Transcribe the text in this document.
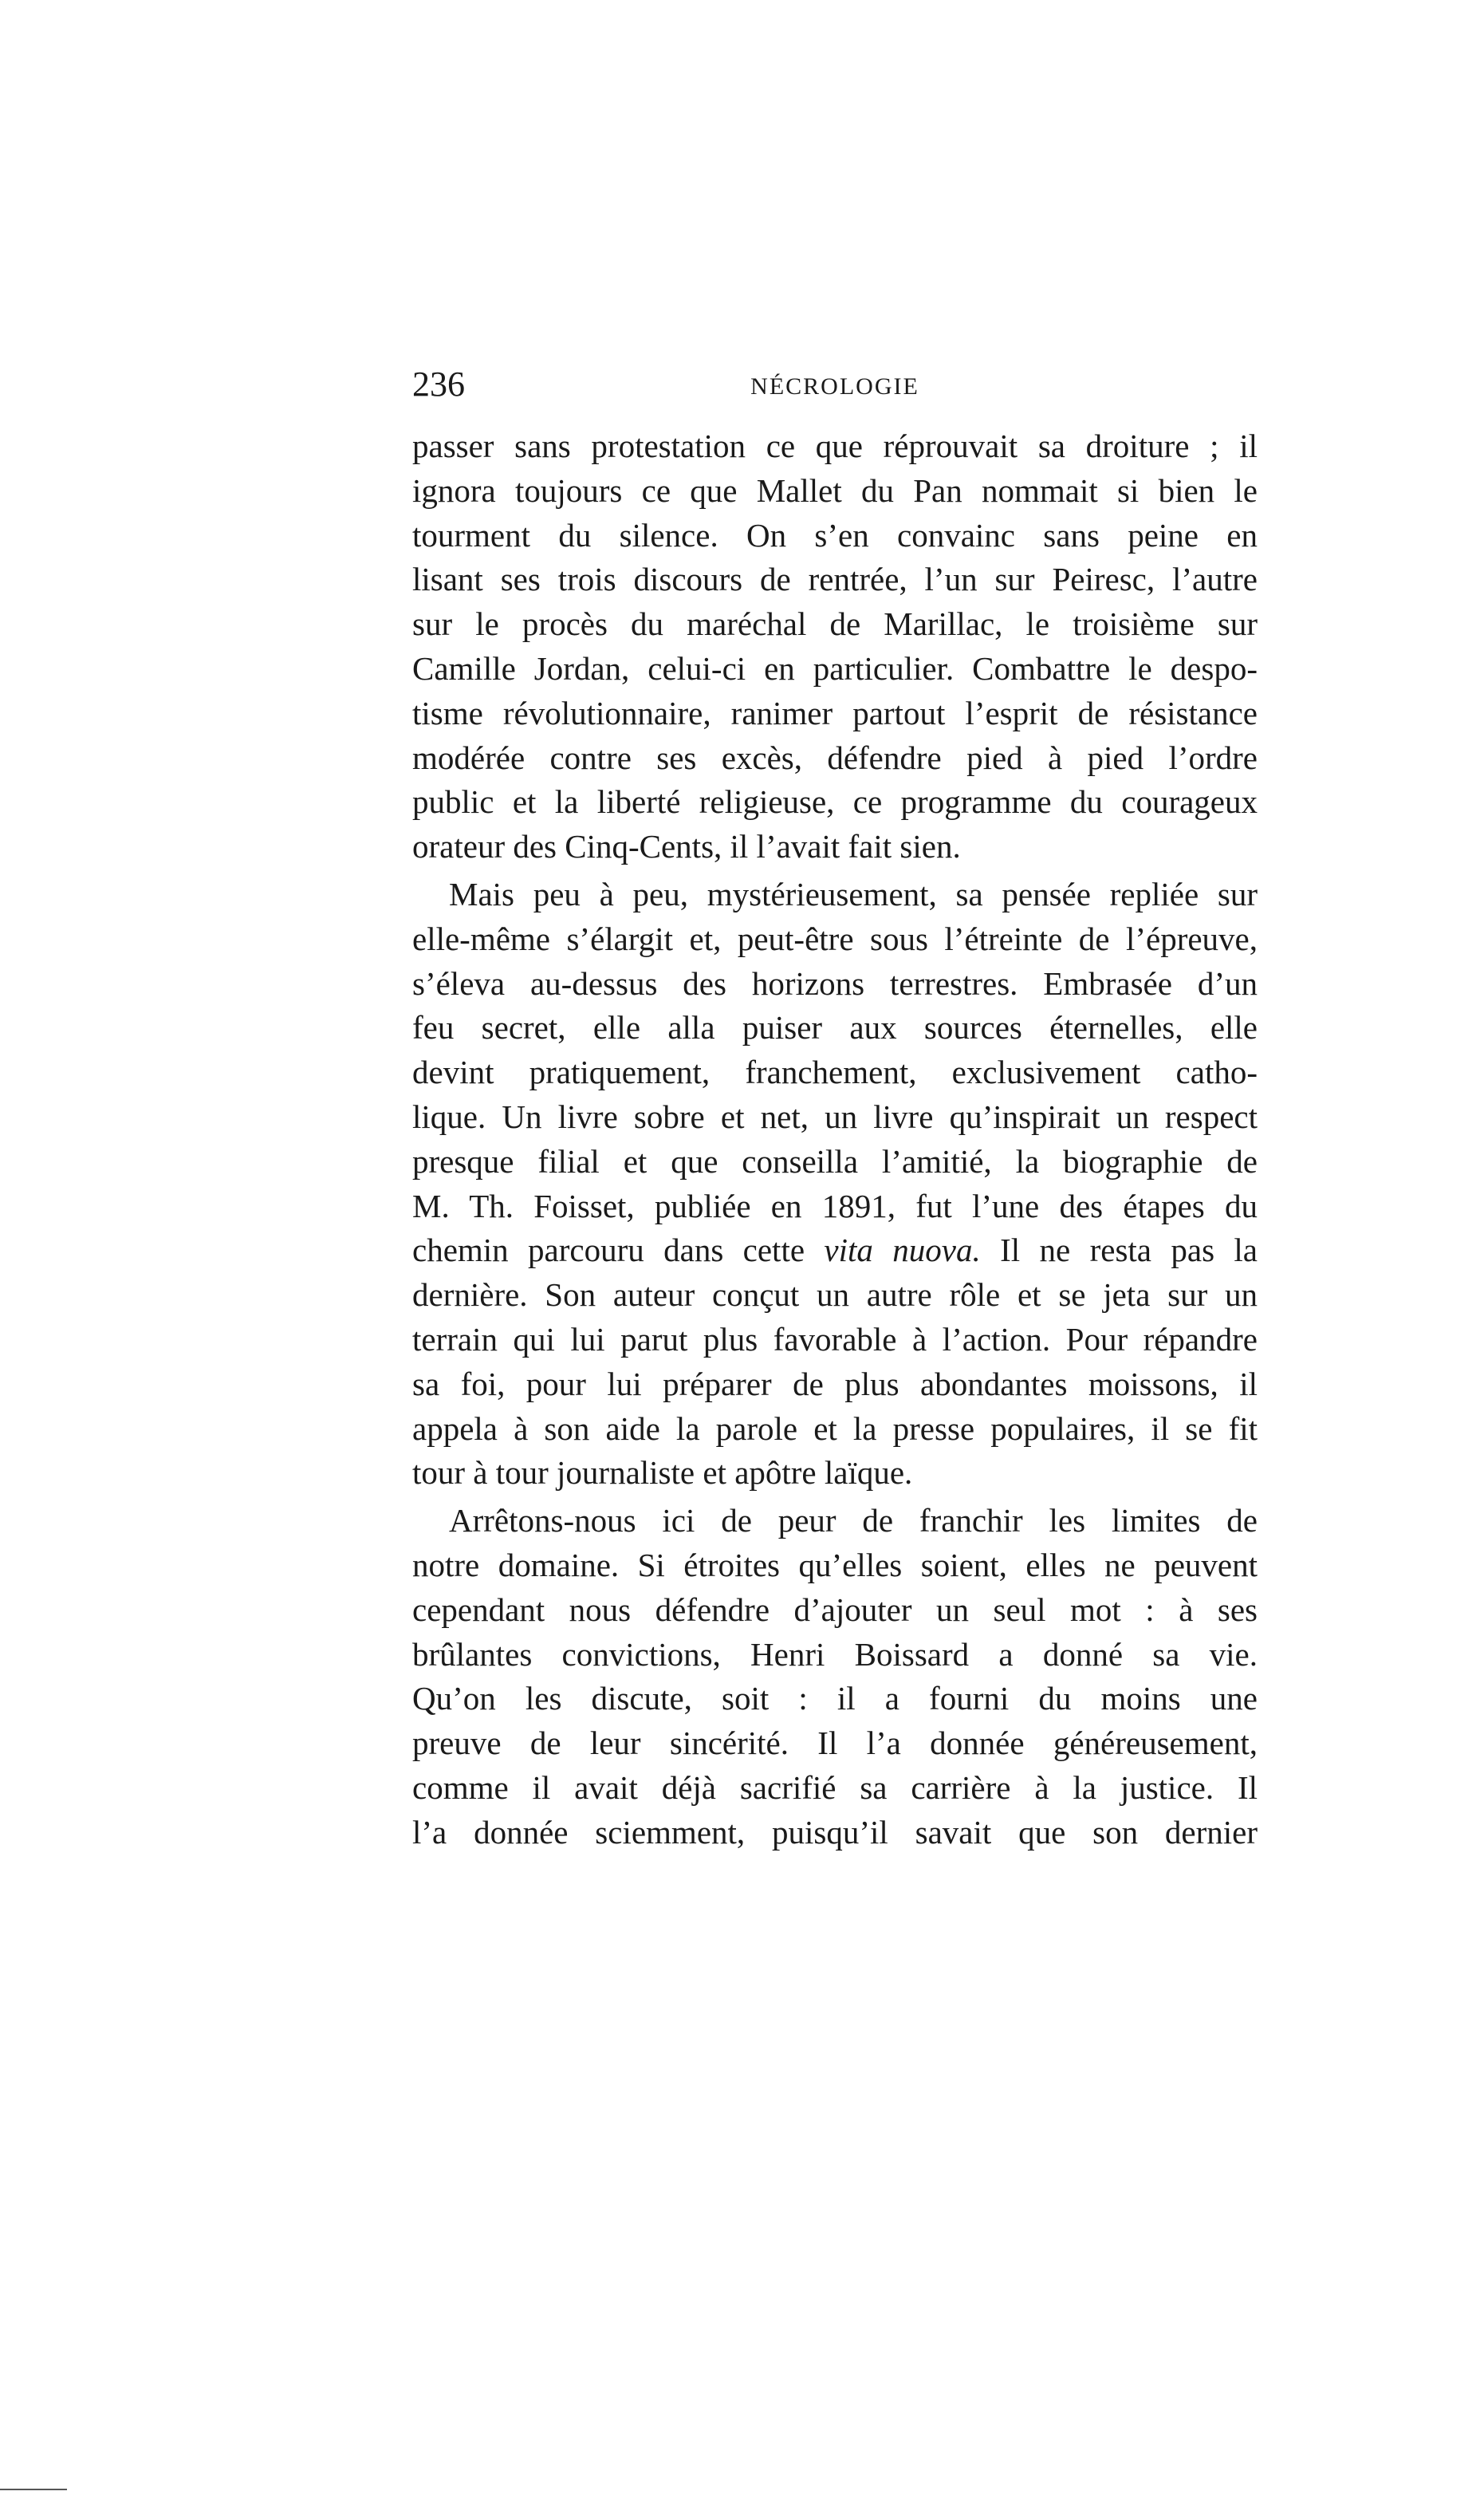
236	NÉCROLOGIE

passer sans protestation ce que réprouvait sa droiture ; il
ignora toujours ce que Mallet du Pan nommait si bien le
tourment du silence. On s’en convainc sans peine en
lisant ses trois discours de rentrée, l’un sur Peiresc, l’autre
sur le procès du maréchal de Marillac, le troisième sur
Camille Jordan, celui-ci en particulier. Combattre le despo-
tisme révolutionnaire, ranimer partout l’esprit de résistance
modérée contre ses excès, défendre pied à pied l’ordre
public et la liberté religieuse, ce programme du courageux
orateur des Cinq-Cents, il l’avait fait sien.

Mais peu à peu, mystérieusement, sa pensée repliée sur
elle-même s’élargit et, peut-être sous l’étreinte de l’épreuve,
s’éleva au-dessus des horizons terrestres. Embrasée d’un
feu secret, elle alla puiser aux sources éternelles, elle
devint pratiquement, franchement, exclusivement catho-
lique. Un livre sobre et net, un livre qu’inspirait un respect
presque filial et que conseilla l’amitié, la biographie de
M. Th. Foisset, publiée en 1891, fut l’une des étapes du
chemin parcouru dans cette vita nuova. Il ne resta pas la
dernière. Son auteur conçut un autre rôle et se jeta sur un
terrain qui lui parut plus favorable à l’action. Pour répandre
sa foi, pour lui préparer de plus abondantes moissons, il
appela à son aide la parole et la presse populaires, il se fit
tour à tour journaliste et apôtre laïque.

Arrêtons-nous ici de peur de franchir les limites de
notre domaine. Si étroites qu’elles soient, elles ne peuvent
cependant nous défendre d’ajouter un seul mot : à ses
brûlantes convictions, Henri Boissard a donné sa vie.
Qu’on les discute, soit : il a fourni du moins une
preuve de leur sincérité. Il l’a donnée généreusement,
comme il avait déjà sacrifié sa carrière à la justice. Il
l’a donnée sciemment, puisqu’il savait que son dernier
